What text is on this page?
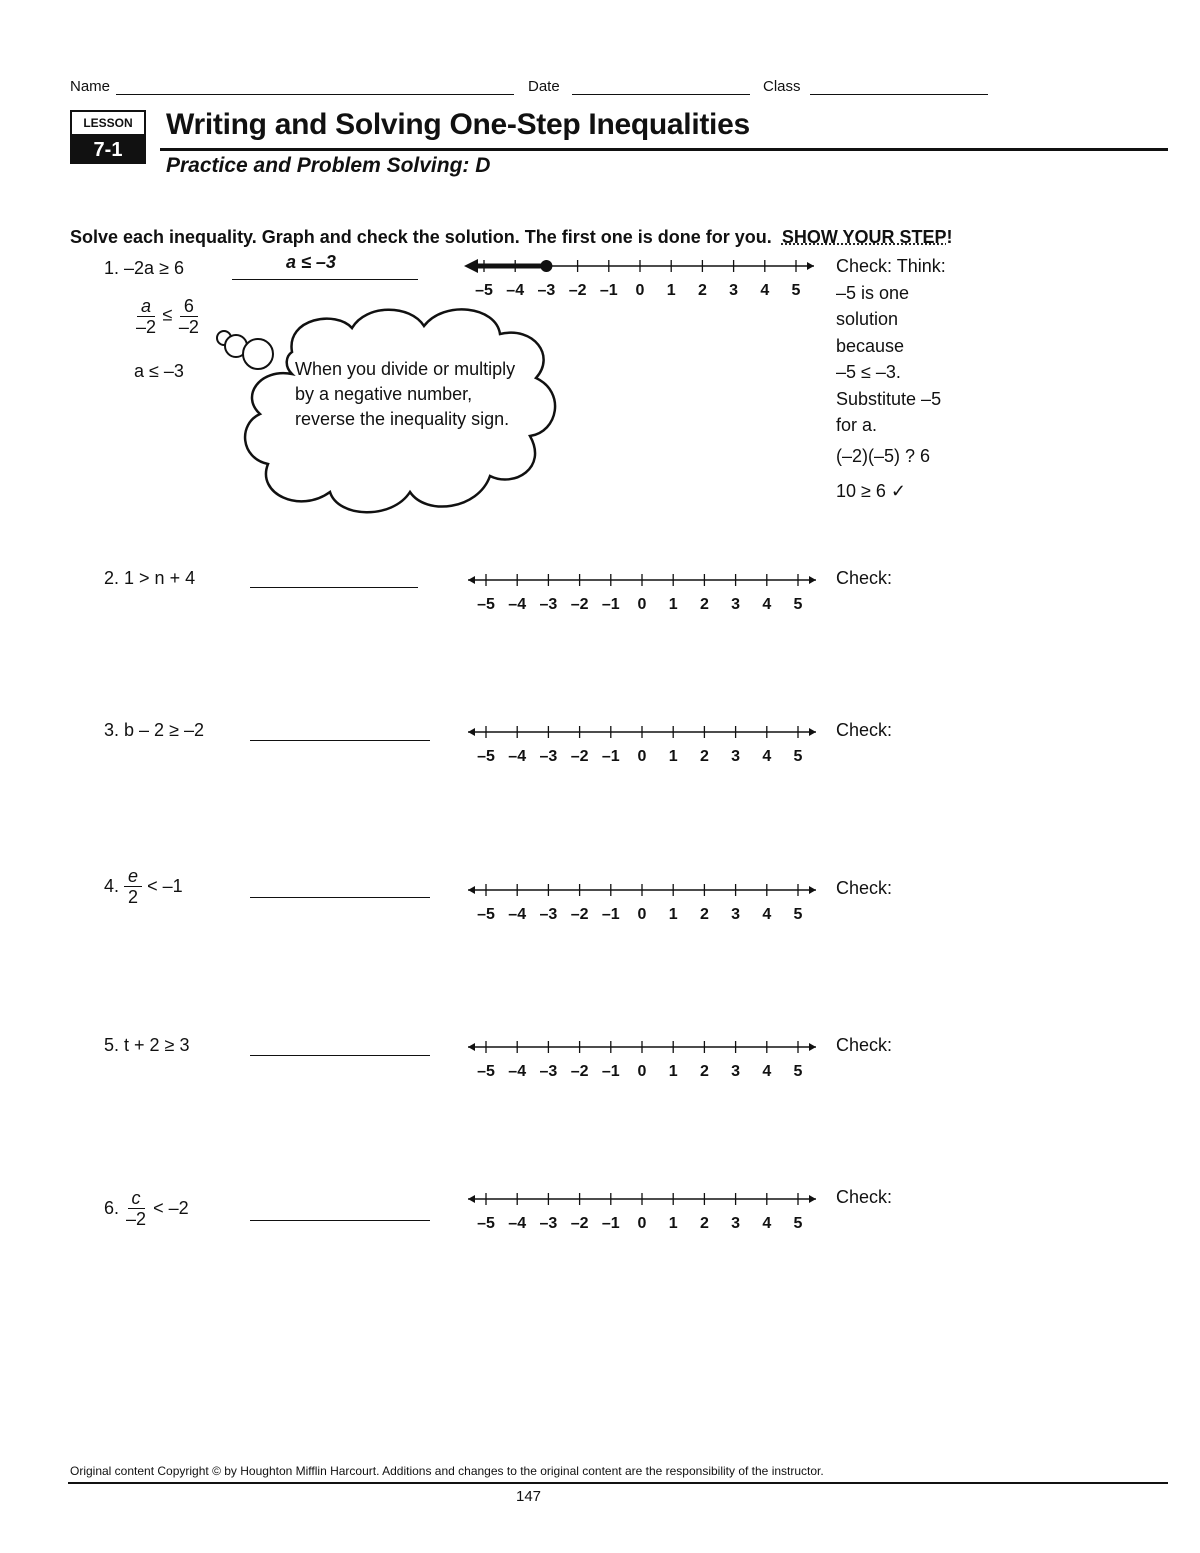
Name	Date	Class
LESSON
7-1
Writing and Solving One-Step Inequalities
Practice and Problem Solving: D
Solve each inequality. Graph and check the solution. The first one is done for you. SHOW YOUR STEP!
1. –2a ≥ 6	a ≤ –3
$\frac{a}{-2} \le \frac{6}{-2}$
a ≤ –3	When you divide or multiply by a negative number, reverse the inequality sign.
Check: Think:
–5 is one
solution
because
–5 ≤ –3.
Substitute –5
for a.
(–2)(–5) ? 6
10 ≥ 6 ✓
2. 1 > n + 4	Check:
3. b – 2 ≥ –2	Check:
4. $\frac{e}{2} < -1$	Check:
5. t + 2 ≥ 3	Check:
6. $\frac{c}{-2} < -2$
Check:
–5 –4 –3 –2 –1 0 1 2 3 4 5
–5 –4 –3 –2 –1 0 1 2 3 4 5
–5 –4 –3 –2 –1 0 1 2 3 4 5
–5 –4 –3 –2 –1 0 1 2 3 4 5
–5 –4 –3 –2 –1 0 1 2 3 4 5
–5 –4 –3 –2 –1 0 1 2 3 4 5
Original content Copyright © by Houghton Mifflin Harcourt. Additions and changes to the original content are the responsibility of the instructor.
147
